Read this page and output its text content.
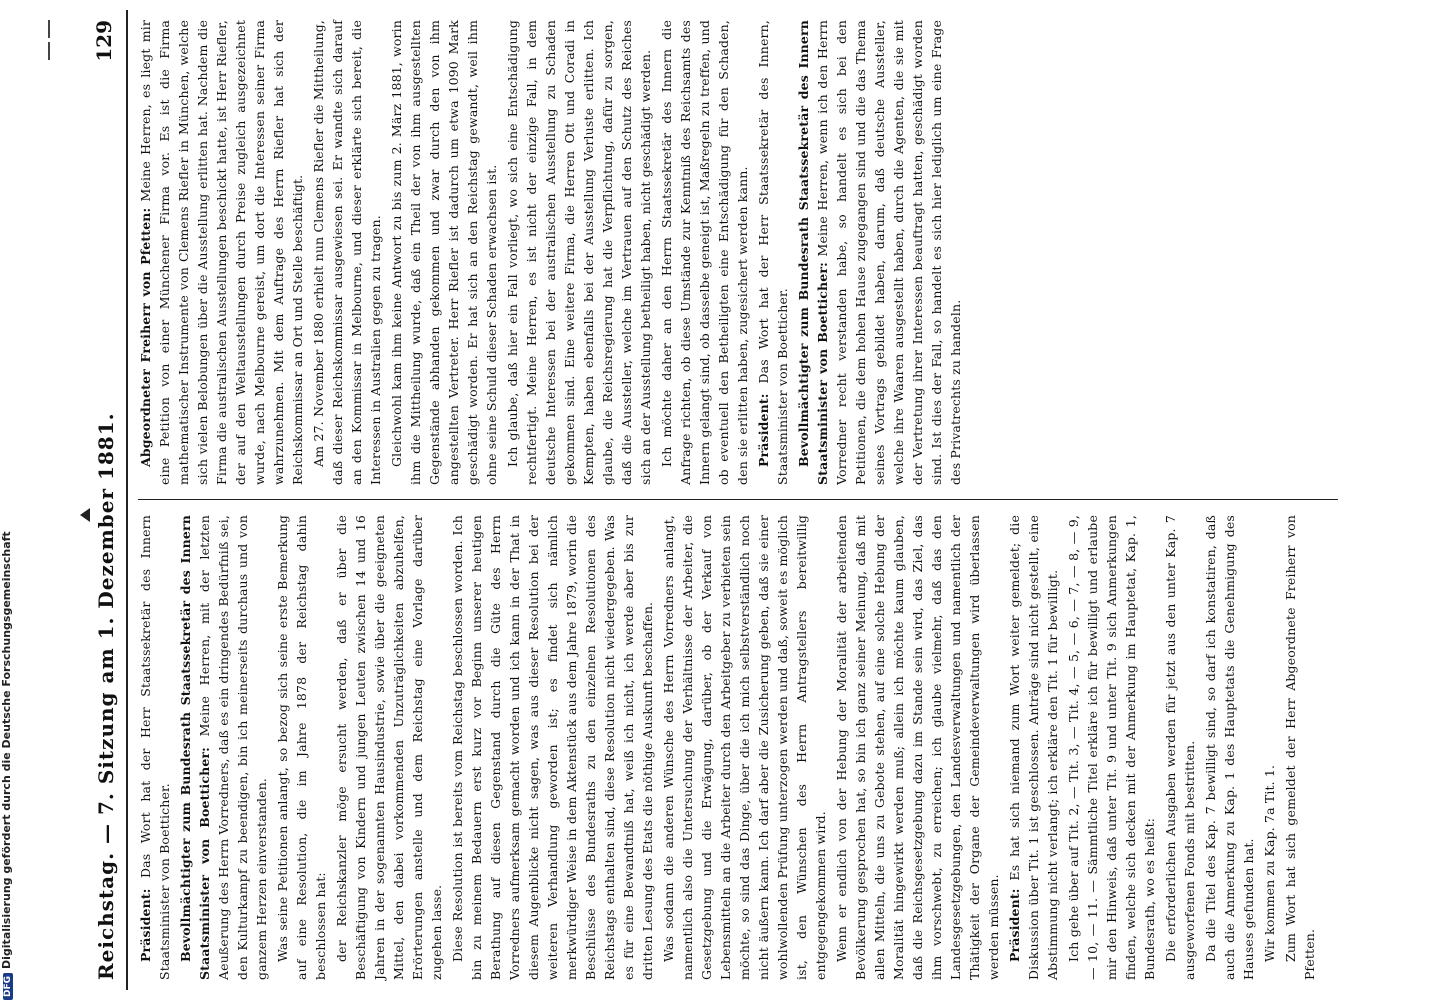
Reichstag. — 7. Sitzung am 1. Dezember 1881.
129

Präsident: Das Wort hat der Herr Staatssekretär des Innern Staatsminister von Boetticher. Bevollmächtigter zum Bundesrath Staatssekretär des Innern Staatsminister von Boetticher: Meine Herren, mit der letzten Aeußerung des Herrn Vorredners, daß es ein dringendes Bedürfniß sei, den Kulturkampf zu beendigen, bin ich meinerseits durchaus und von ganzem Herzen einverstanden. Was seine Petitionen anlangt, so bezog sich seine erste Bemerkung auf eine Resolution, die im Jahre 1878 der Reichstag dahin beschlossen hat: der Reichskanzler möge ersucht werden, daß er über die Beschäftigung von Kindern und jungen Leuten zwischen 14 und 16 Jahren in der sogenannten Hausindustrie, sowie über die geeigneten Mittel, den dabei vorkommenden Unzuträglichkeiten abzuhelfen, Erörterungen anstelle und dem Reichstag eine Vorlage darüber zugehen lasse. Diese Resolution ist bereits vom Reichstag beschlossen worden. Ich bin zu meinem Bedauern erst kurz vor Beginn unserer heutigen Berathung auf diesen Gegenstand durch die Güte des Herrn Vorredners aufmerksam gemacht worden und ich kann in der That in diesem Augenblicke nicht sagen, was aus dieser Resolution bei der weiteren Verhandlung geworden ist; es findet sich nämlich merkwürdiger Weise in dem Aktenstück aus dem Jahre 1879, worin die Beschlüsse des Bundesraths zu den einzelnen Resolutionen des Reichstags enthalten sind, diese Resolution nicht wiedergegeben. Was es für eine Bewandtniß hat, weiß ich nicht, ich werde aber bis zur dritten Lesung des Etats die nöthige Auskunft beschaffen. Was sodann die anderen Wünsche des Herrn Vorredners anlangt, namentlich also die Untersuchung der Verhältnisse der Arbeiter, die Gesetzgebung und die Erwägung, darüber, ob der Verkauf von Lebensmitteln an die Arbeiter durch den Arbeitgeber zu verbieten sein möchte, so sind das Dinge, über die ich mich selbstverständlich noch nicht äußern kann. Ich darf aber die Zusicherung geben, daß sie einer wohlwollenden Prüfung unterzogen werden und daß, soweit es möglich ist, den Wünschen des Herrn Antragstellers bereitwillig entgegengekommen wird. Wenn er endlich von der Hebung der Moralität der arbeitenden Bevölkerung gesprochen hat, so bin ich ganz seiner Meinung, daß mit allen Mitteln, die uns zu Gebote stehen, auf eine solche Hebung der Moralität hingewirkt werden muß; allein ich möchte kaum glauben, daß die Reichsgesetzgebung dazu im Stande sein wird, das Ziel, das ihm vorschwebt, zu erreichen; ich glaube vielmehr, daß das den Landesgesetzgebungen, den Landesverwaltungen und namentlich der Thätigkeit der Organe der Gemeindeverwaltungen wird überlassen werden müssen. Präsident: Es hat sich niemand zum Wort weiter gemeldet; die Diskussion über Tit. 1 ist geschlossen. Anträge sind nicht gestellt, eine Abstimmung nicht verlangt; ich erkläre den Tit. 1 für bewilligt. Ich gehe über auf Tit. 2, — Tit. 3, — Tit. 4, — 5, — 6, — 7, — 8, — 9, — 10, — 11. — Sämmtliche Titel erkläre ich für bewilligt und erlaube mir den Hinweis, daß unter Tit. 9 und unter Tit. 9 sich Anmerkungen finden, welche sich decken mit der Anmerkung im Hauptetat, Kap. 1, Bundesrath, wo es heißt: Die erforderlichen Ausgaben werden für jetzt aus den unter Kap. 7 ausgeworfenen Fonds mit bestritten. Da die Titel des Kap. 7 bewilligt sind, so darf ich konstatiren, daß auch die Anmerkung zu Kap. 1 des Hauptetats die Genehmigung des Hauses gefunden hat. Wir kommen zu Kap. 7a Tit. 1. Zum Wort hat sich gemeldet der Herr Abgeordnete Freiherr von Pfetten.

Abgeordneter Freiherr von Pfetten: Meine Herren, es liegt mir eine Petition von einer Münchener Firma vor. Es ist die Firma mathematischer Instrumente von Clemens Riefler in München, welche sich vielen Belobungen über die Ausstellung erlitten hat. Nachdem die Firma die australischen Ausstellungen beschickt hatte, ist Herr Riefler, der auf den Weltausstellungen durch Preise zugleich ausgezeichnet wurde, nach Melbourne gereist, um dort die Interessen seiner Firma wahrzunehmen. Mit dem Auftrage des Herrn Riefler hat sich der Reichskommissar an Ort und Stelle beschäftigt. Am 27. November 1880 erhielt nun Clemens Riefler die Mittheilung, daß dieser Reichskommissar ausgewiesen sei. Er wandte sich darauf an den Kommissar in Melbourne, und dieser erklärte sich bereit, die Interessen in Australien gegen zu tragen. Gleichwohl kam ihm keine Antwort zu bis zum 2. März 1881, worin ihm die Mittheilung wurde, daß ein Theil der von ihm ausgestellten Gegenstände abhanden gekommen und zwar durch den von ihm angestellten Vertreter. Herr Riefler ist dadurch um etwa 1090 Mark geschädigt worden. Er hat sich an den Reichstag gewandt, weil ihm ohne seine Schuld dieser Schaden erwachsen ist. Ich glaube, daß hier ein Fall vorliegt, wo sich eine Entschädigung rechtfertigt. Meine Herren, es ist nicht der einzige Fall, in dem deutsche Interessen bei der australischen Ausstellung zu Schaden gekommen sind. Eine weitere Firma, die Herren Ott und Coradi in Kempten, haben ebenfalls bei der Ausstellung Verluste erlitten. Ich glaube, die Reichsregierung hat die Verpflichtung, dafür zu sorgen, daß die Aussteller, welche im Vertrauen auf den Schutz des Reiches sich an der Ausstellung betheiligt haben, nicht geschädigt werden. Ich möchte daher an den Herrn Staatssekretär des Innern die Anfrage richten, ob diese Umstände zur Kenntniß des Reichsamts des Innern gelangt sind, ob dasselbe geneigt ist, Maßregeln zu treffen, und ob eventuell den Betheiligten eine Entschädigung für den Schaden, den sie erlitten haben, zugesichert werden kann. Präsident: Das Wort hat der Herr Staatssekretär des Innern, Staatsminister von Boetticher. Bevollmächtigter zum Bundesrath Staatssekretär des Innern Staatsminister von Boetticher: Meine Herren, wenn ich den Herrn Vorredner recht verstanden habe, so handelt es sich bei den Petitionen, die dem hohen Hause zugegangen sind und die das Thema seines Vortrags gebildet haben, darum, daß deutsche Aussteller, welche ihre Waaren ausgestellt haben, durch die Agenten, die sie mit der Vertretung ihrer Interessen beauftragt hatten, geschädigt worden sind. Ist dies der Fall, so handelt es sich hier lediglich um eine Frage des Privatrechts zu handeln.

DFGDigitalisierung gefördert durch die Deutsche Forschungsgemeinschaft
